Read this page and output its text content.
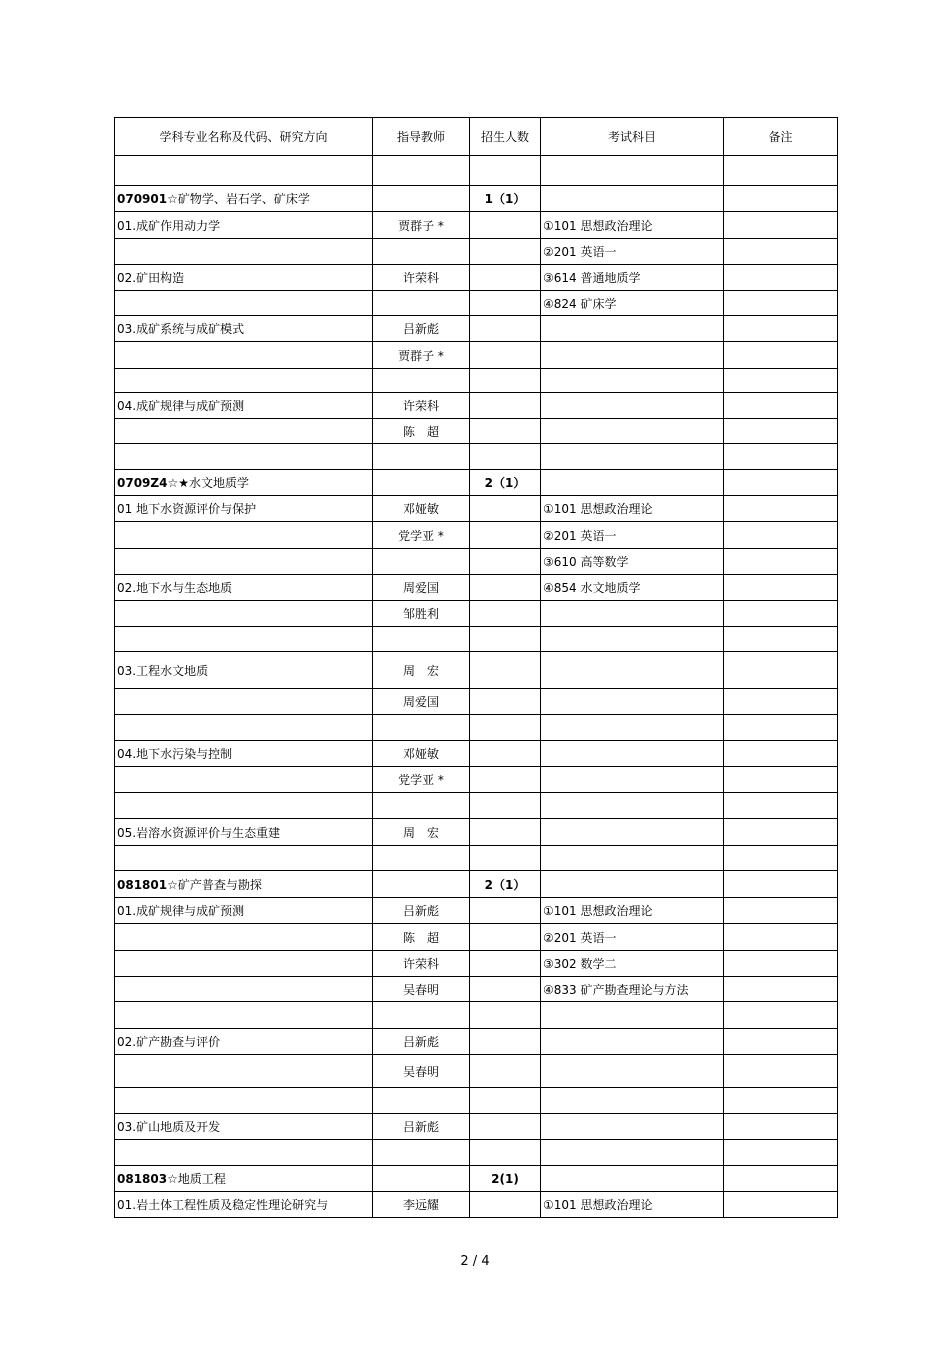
学科专业名称及代码、研究方向	指导教师	招生人数	考试科目	备注

070901☆矿物学、岩石学、矿床学		1（1）		
01.成矿作用动力学	贾群子 *		①101 思想政治理论	
			②201 英语一	
02.矿田构造	许荣科		③614 普通地质学	
			④824 矿床学	
03.成矿系统与成矿模式	吕新彪			
	贾群子 *			

04.成矿规律与成矿预测	许荣科			
	陈　超			

0709Z4☆★水文地质学		2（1）		
01 地下水资源评价与保护	邓娅敏		①101 思想政治理论	
	党学亚 *		②201 英语一	
			③610 高等数学	
02.地下水与生态地质	周爱国		④854 水文地质学	
	邹胜利			

03.工程水文地质	周　宏			
	周爱国			

04.地下水污染与控制	邓娅敏			
	党学亚 *			

05.岩溶水资源评价与生态重建	周　宏			

081801☆矿产普查与勘探		2（1）		
01.成矿规律与成矿预测	吕新彪		①101 思想政治理论	
	陈　超		②201 英语一	
	许荣科		③302 数学二	
	吴春明		④833 矿产勘查理论与方法	

02.矿产勘查与评价	吕新彪			
	吴春明			

03.矿山地质及开发	吕新彪			

081803☆地质工程		2(1)		
01.岩土体工程性质及稳定性理论研究与	李远耀		①101 思想政治理论	
2 / 4
